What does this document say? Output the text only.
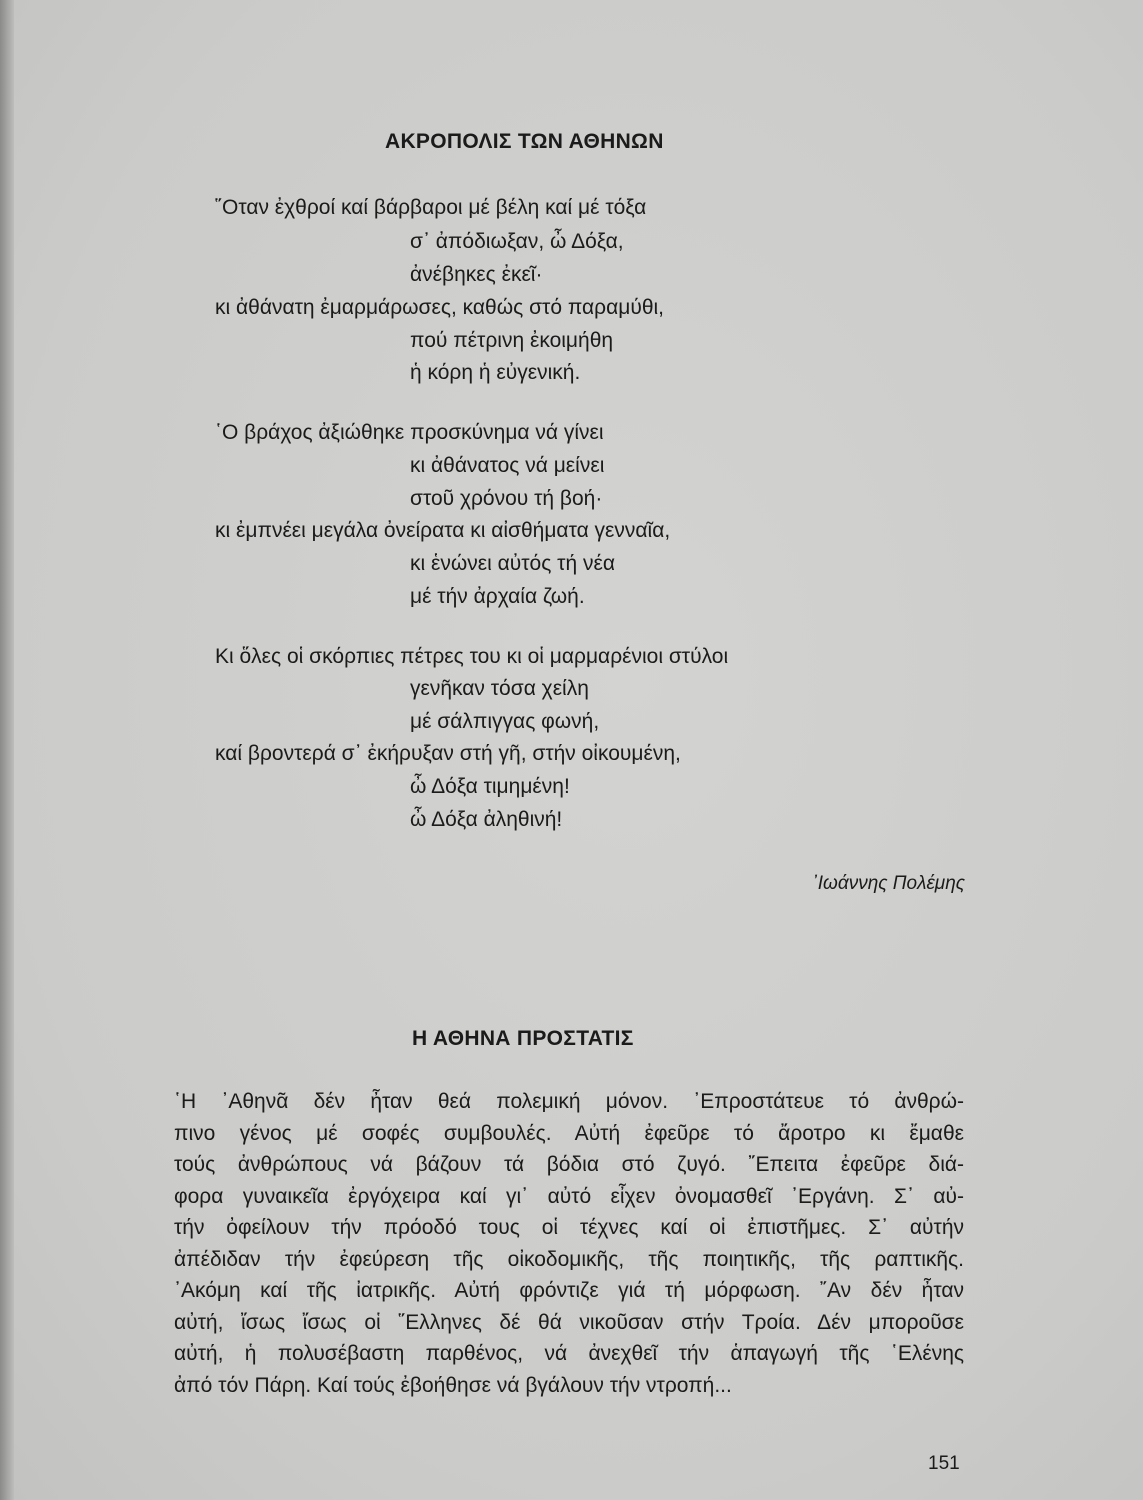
ΑΚΡΟΠΟΛΙΣ ΤΩΝ ΑΘΗΝΩΝ
῞Οταν ἐχθροί καί βάρβαροι μέ βέλη καί μέ τόξα
σ᾽ ἀπόδιωξαν, ὦ Δόξα,
ἀνέβηκες ἐκεῖ·
κι ἀθάνατη ἐμαρμάρωσες, καθώς στό παραμύθι,
πού πέτρινη ἐκοιμήθη
ἡ κόρη ἡ εὐγενική.
῾Ο βράχος ἀξιώθηκε προσκύνημα νά γίνει
κι ἀθάνατος νά μείνει
στοῦ χρόνου τή βοή·
κι ἐμπνέει μεγάλα ὀνείρατα κι αἰσθήματα γενναῖα,
κι ἑνώνει αὐτός τή νέα
μέ τήν ἀρχαία ζωή.
Κι ὅλες οἱ σκόρπιες πέτρες του κι οἱ μαρμαρένιοι στύλοι
γενῆκαν τόσα χείλη
μέ σάλπιγγας φωνή,
καί βροντερά σ᾽ ἐκήρυξαν στή γῆ, στήν οἰκουμένη,
ὦ Δόξα τιμημένη!
ὦ Δόξα ἀληθινή!
᾽Ιωάννης Πολέμης
Η ΑΘΗΝΑ ΠΡΟΣΤΑΤΙΣ

῾Η ᾽Αθηνᾶ δέν ἦταν θεά πολεμική μόνον. ᾽Επροστάτευε τό ἀνθρώ-
πινο γένος μέ σοφές συμβουλές. Αὐτή ἐφεῦρε τό ἄροτρο κι ἔμαθε
τούς ἀνθρώπους νά βάζουν τά βόδια στό ζυγό. ῎Επειτα ἐφεῦρε διά-
φορα γυναικεῖα ἐργόχειρα καί γι᾽ αὐτό εἶχεν ὀνομασθεῖ ᾽Εργάνη. Σ᾽ αὐ-
τήν ὀφείλουν τήν πρόοδό τους οἱ τέχνες καί οἱ ἐπιστῆμες. Σ᾽ αὐτήν
ἀπέδιδαν τήν ἐφεύρεση τῆς οἰκοδομικῆς, τῆς ποιητικῆς, τῆς ραπτικῆς.
᾽Ακόμη καί τῆς ἰατρικῆς. Αὐτή φρόντιζε γιά τή μόρφωση. ῎Αν δέν ἦταν
αὐτή, ἴσως ἴσως οἱ ῞Ελληνες δέ θά νικοῦσαν στήν Τροία. Δέν μποροῦσε
αὐτή, ἡ πολυσέβαστη παρθένος, νά ἀνεχθεῖ τήν ἁπαγωγή τῆς ῾Ελένης
ἀπό τόν Πάρη. Καί τούς ἐβοήθησε νά βγάλουν τήν ντροπή...

151
